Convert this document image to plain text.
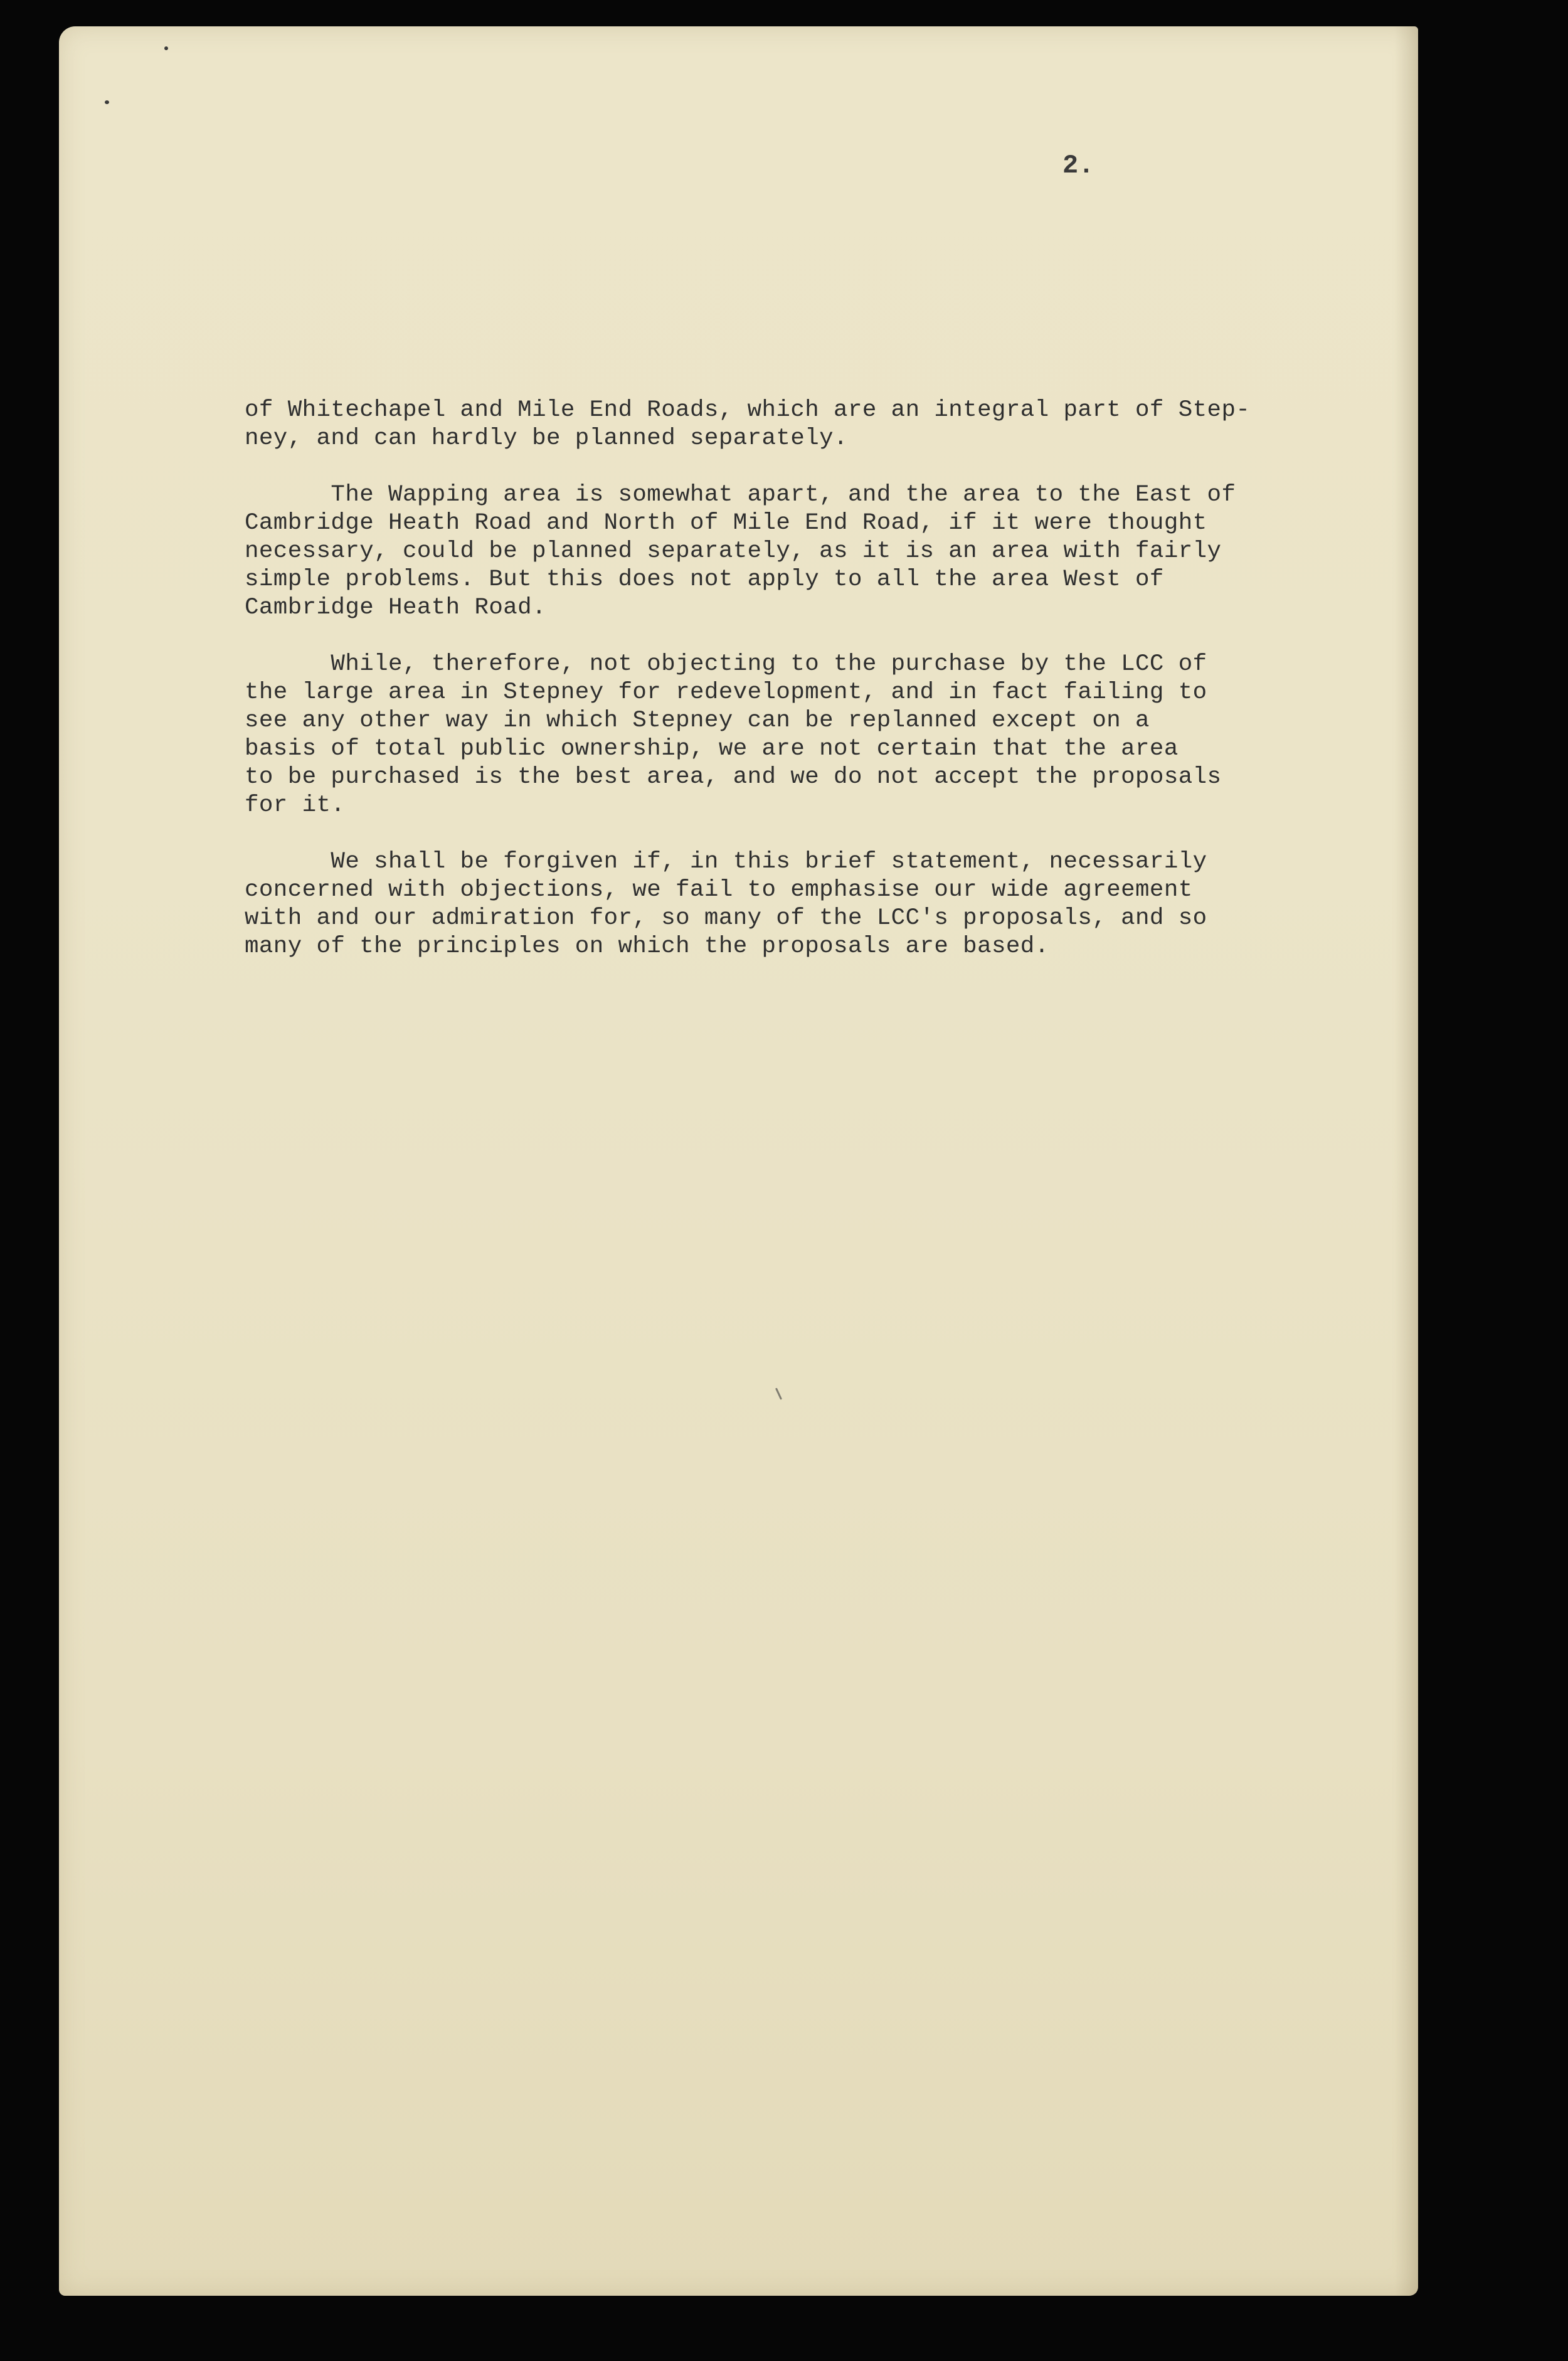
2.
of Whitechapel and Mile End Roads, which are an integral part of Step-
ney, and can hardly be planned separately.
The Wapping area is somewhat apart, and the area to the East of
Cambridge Heath Road and North of Mile End Road, if it were thought
necessary, could be planned separately, as it is an area with fairly
simple problems. But this does not apply to all the area West of
Cambridge Heath Road.
While, therefore, not objecting to the purchase by the LCC of
the large area in Stepney for redevelopment, and in fact failing to
see any other way in which Stepney can be replanned except on a
basis of total public ownership, we are not certain that the area
to be purchased is the best area, and we do not accept the proposals
for it.
We shall be forgiven if, in this brief statement, necessarily
concerned with objections, we fail to emphasise our wide agreement
with and our admiration for, so many of the LCC's proposals, and so
many of the principles on which the proposals are based.
